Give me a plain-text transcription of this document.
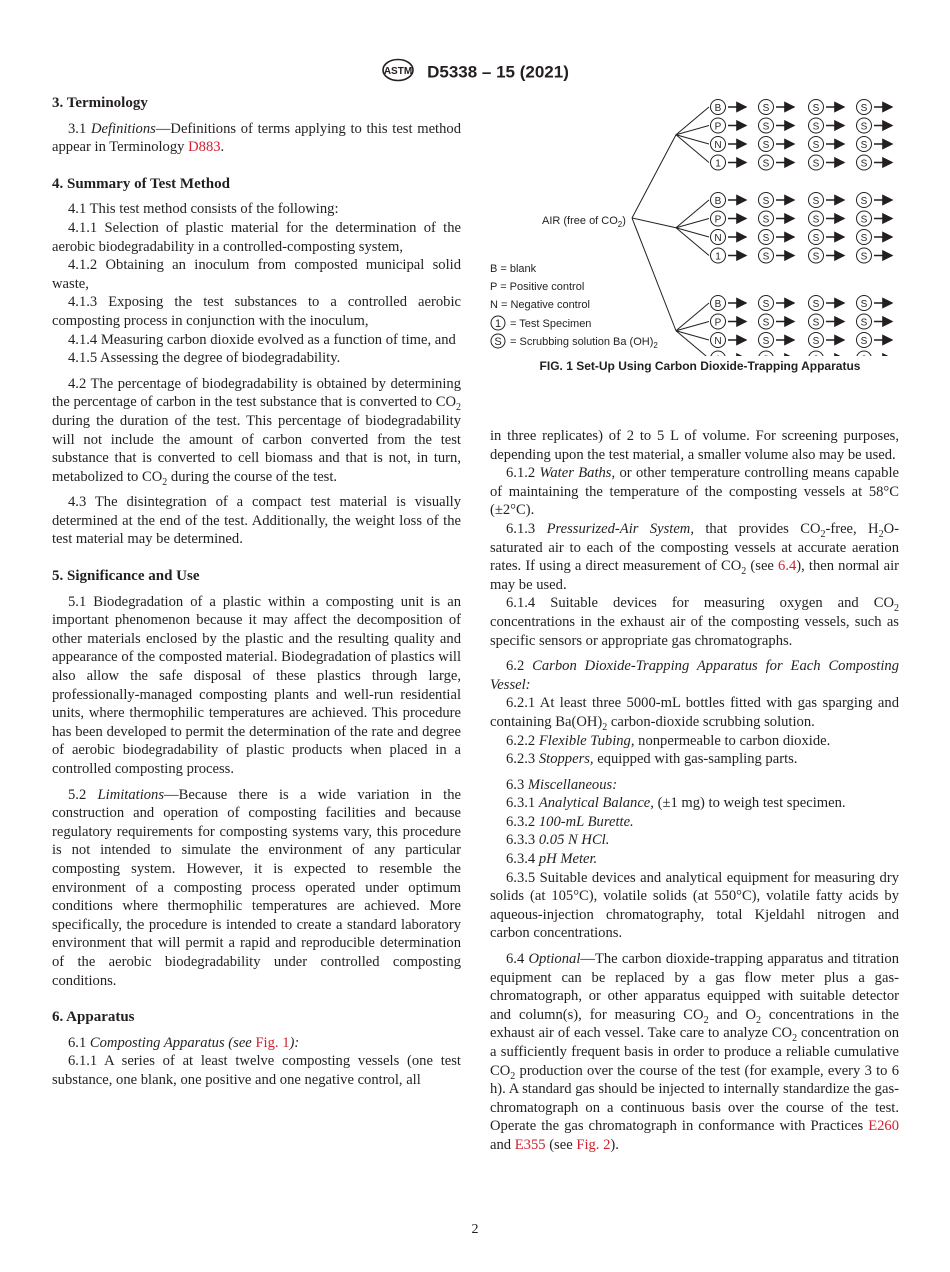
ASTM D5338 – 15 (2021)
3. Terminology

3.1 Definitions—Definitions of terms applying to this test method appear in Terminology D883.

4. Summary of Test Method

4.1 This test method consists of the following:

4.1.1 Selection of plastic material for the determination of the aerobic biodegradability in a controlled-composting system,

4.1.2 Obtaining an inoculum from composted municipal solid waste,

4.1.3 Exposing the test substances to a controlled aerobic composting process in conjunction with the inoculum,

4.1.4 Measuring carbon dioxide evolved as a function of time, and

4.1.5 Assessing the degree of biodegradability.

4.2 The percentage of biodegradability is obtained by determining the percentage of carbon in the test substance that is converted to $CO_2$ during the duration of the test. This percentage of biodegradability will not include the amount of carbon converted from the test substance that is converted to cell biomass and that is not, in turn, metabolized to $CO_2$ during the course of the test.

4.3 The disintegration of a compact test material is visually determined at the end of the test. Additionally, the weight loss of the test material may be determined.

5. Significance and Use

5.1 Biodegradation of a plastic within a composting unit is an important phenomenon because it may affect the decomposition of other materials enclosed by the plastic and the resulting quality and appearance of the composted material. Biodegradation of plastics will also allow the safe disposal of these plastics through large, professionally-managed composting plants and well-run residential units, where thermophilic temperatures are achieved. This procedure has been developed to permit the determination of the rate and degree of aerobic biodegradability of plastic products when placed in a controlled composting process.

5.2 Limitations—Because there is a wide variation in the construction and operation of composting facilities and because regulatory requirements for composting systems vary, this procedure is not intended to simulate the environment of any particular composting system. However, it is expected to resemble the environment of a composting process operated under optimum conditions where thermophilic temperatures are achieved. More specifically, the procedure is intended to create a standard laboratory environment that will permit a rapid and reproducible determination of the aerobic biodegradability under controlled composting conditions.

6. Apparatus

6.1 Composting Apparatus (see Fig. 1):

6.1.1 A series of at least twelve composting vessels (one test substance, one blank, one positive and one negative control, all

AIR (free of $CO_2$)
B	S	S	S
P	S	S	S
N	S	S	S
1	S	S	S
B	S	S	S
P	S	S	S
N	S	S	S
1	S	S	S
B	S	S	S
P	S	S	S
N	S	S	S
B = blank
P = Positive control
N = Negative control
1 = Test Specimen
S = Scrubbing solution Ba $(OH)_2$
FIG. 1 Set-Up Using Carbon Dioxide-Trapping Apparatus

in three replicates) of 2 to 5 L of volume. For screening purposes, depending upon the test material, a smaller volume also may be used.

6.1.2 Water Baths, or other temperature controlling means capable of maintaining the temperature of the composting vessels at 58°C (±2°C).

6.1.3 Pressurized-Air System, that provides $CO_2$-free, $H_2O$-saturated air to each of the composting vessels at accurate aeration rates. If using a direct measurement of $CO_2$ (see 6.4), then normal air may be used.

6.1.4 Suitable devices for measuring oxygen and $CO_2$ concentrations in the exhaust air of the composting vessels, such as specific sensors or appropriate gas chromatographs.

6.2 Carbon Dioxide-Trapping Apparatus for Each Composting Vessel:

6.2.1 At least three 5000-mL bottles fitted with gas sparging and containing $Ba(OH)_2$ carbon-dioxide scrubbing solution.

6.2.2 Flexible Tubing, nonpermeable to carbon dioxide.

6.2.3 Stoppers, equipped with gas-sampling parts.

6.3 Miscellaneous:

6.3.1 Analytical Balance, (±1 mg) to weigh test specimen.

6.3.2 100-mL Burette.

6.3.3 0.05 N HCl.

6.3.4 pH Meter.

6.3.5 Suitable devices and analytical equipment for measuring dry solids (at 105°C), volatile solids (at 550°C), volatile fatty acids by aqueous-injection chromatography, total Kjeldahl nitrogen and carbon concentrations.

6.4 Optional—The carbon dioxide-trapping apparatus and titration equipment can be replaced by a gas flow meter plus a gas-chromatograph, or other apparatus equipped with suitable detector and column(s), for measuring $CO_2$ and $O_2$ concentrations in the exhaust air of each vessel. Take care to analyze $CO_2$ concentration on a sufficiently frequent basis in order to produce a reliable cumulative $CO_2$ production over the course of the test (for example, every 3 to 6 h). A standard gas should be injected to internally standardize the gas-chromatograph on a continuous basis over the course of the test. Operate the gas chromatograph in conformance with Practices E260 and E355 (see Fig. 2).

2
